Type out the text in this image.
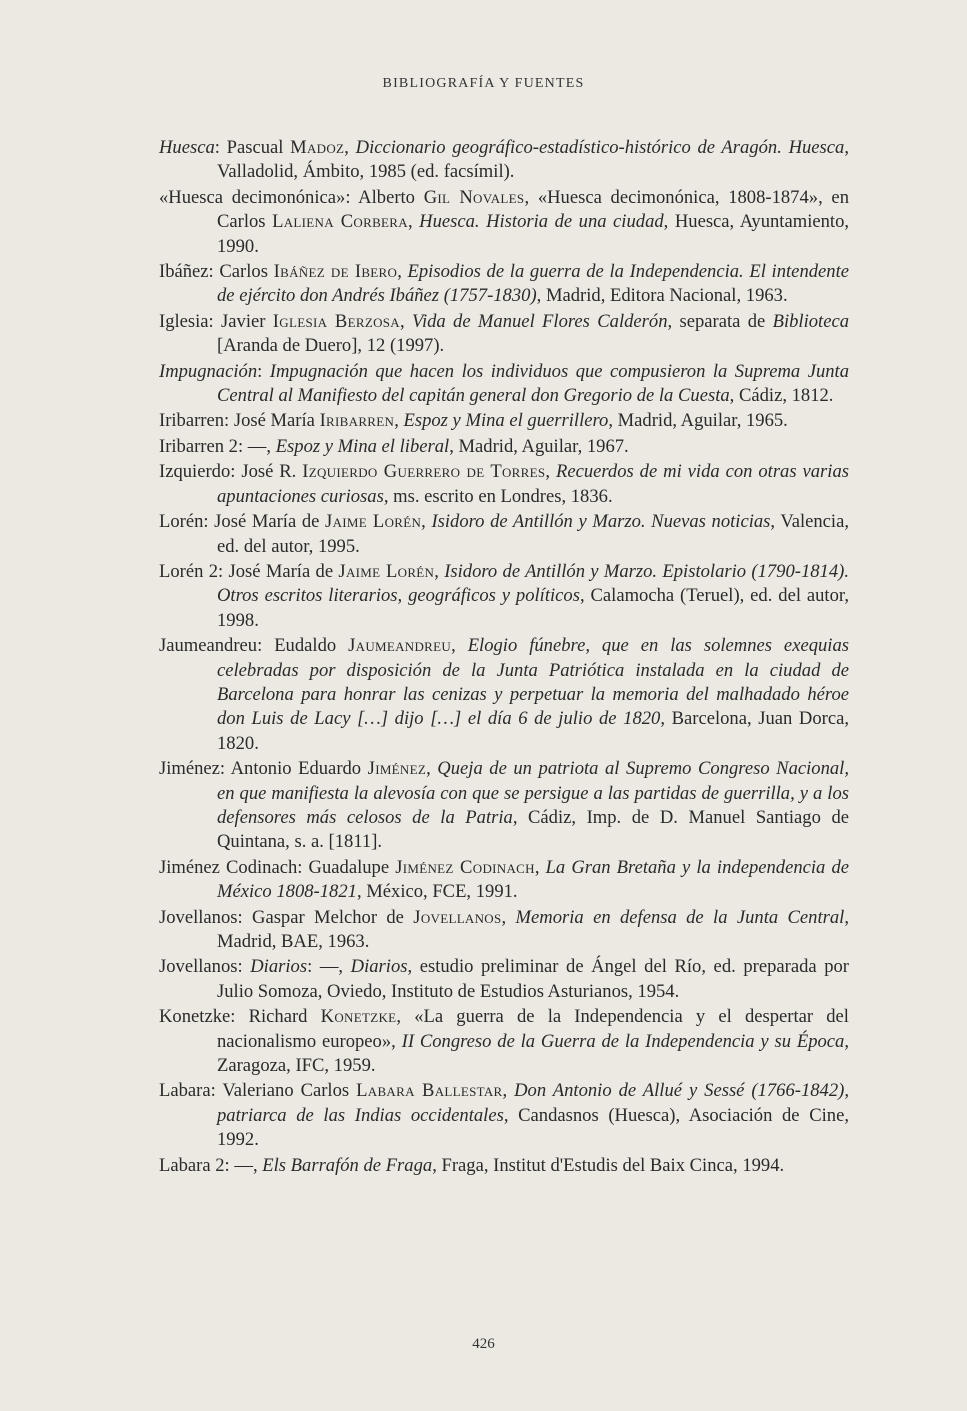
BIBLIOGRAFÍA Y FUENTES
Huesca: Pascual Madoz, Diccionario geográfico-estadístico-histórico de Aragón. Huesca, Valladolid, Ámbito, 1985 (ed. facsímil).
«Huesca decimonónica»: Alberto Gil Novales, «Huesca decimonónica, 1808-1874», en Carlos Laliena Corbera, Huesca. Historia de una ciudad, Huesca, Ayuntamiento, 1990.
Ibáñez: Carlos Ibáñez de Ibero, Episodios de la guerra de la Independencia. El intendente de ejército don Andrés Ibáñez (1757-1830), Madrid, Editora Nacional, 1963.
Iglesia: Javier Iglesia Berzosa, Vida de Manuel Flores Calderón, separata de Biblioteca [Aranda de Duero], 12 (1997).
Impugnación: Impugnación que hacen los individuos que compusieron la Suprema Junta Central al Manifiesto del capitán general don Gregorio de la Cuesta, Cádiz, 1812.
Iribarren: José María Iribarren, Espoz y Mina el guerrillero, Madrid, Aguilar, 1965.
Iribarren 2: —, Espoz y Mina el liberal, Madrid, Aguilar, 1967.
Izquierdo: José R. Izquierdo Guerrero de Torres, Recuerdos de mi vida con otras varias apuntaciones curiosas, ms. escrito en Londres, 1836.
Lorén: José María de Jaime Lorén, Isidoro de Antillón y Marzo. Nuevas noticias, Valencia, ed. del autor, 1995.
Lorén 2: José María de Jaime Lorén, Isidoro de Antillón y Marzo. Epistolario (1790-1814). Otros escritos literarios, geográficos y políticos, Calamocha (Teruel), ed. del autor, 1998.
Jaumeandreu: Eudaldo Jaumeandreu, Elogio fúnebre, que en las solemnes exequias celebradas por disposición de la Junta Patriótica instalada en la ciudad de Barcelona para honrar las cenizas y perpetuar la memoria del malhadado héroe don Luis de Lacy […] dijo […] el día 6 de julio de 1820, Barcelona, Juan Dorca, 1820.
Jiménez: Antonio Eduardo Jiménez, Queja de un patriota al Supremo Congreso Nacional, en que manifiesta la alevosía con que se persigue a las partidas de guerrilla, y a los defensores más celosos de la Patria, Cádiz, Imp. de D. Manuel Santiago de Quintana, s. a. [1811].
Jiménez Codinach: Guadalupe Jiménez Codinach, La Gran Bretaña y la independencia de México 1808-1821, México, FCE, 1991.
Jovellanos: Gaspar Melchor de Jovellanos, Memoria en defensa de la Junta Central, Madrid, BAE, 1963.
Jovellanos: Diarios: —, Diarios, estudio preliminar de Ángel del Río, ed. preparada por Julio Somoza, Oviedo, Instituto de Estudios Asturianos, 1954.
Konetzke: Richard Konetzke, «La guerra de la Independencia y el despertar del nacionalismo europeo», II Congreso de la Guerra de la Independencia y su Época, Zaragoza, IFC, 1959.
Labara: Valeriano Carlos Labara Ballestar, Don Antonio de Allué y Sessé (1766-1842), patriarca de las Indias occidentales, Candasnos (Huesca), Asociación de Cine, 1992.
Labara 2: —, Els Barrafón de Fraga, Fraga, Institut d'Estudis del Baix Cinca, 1994.
426
